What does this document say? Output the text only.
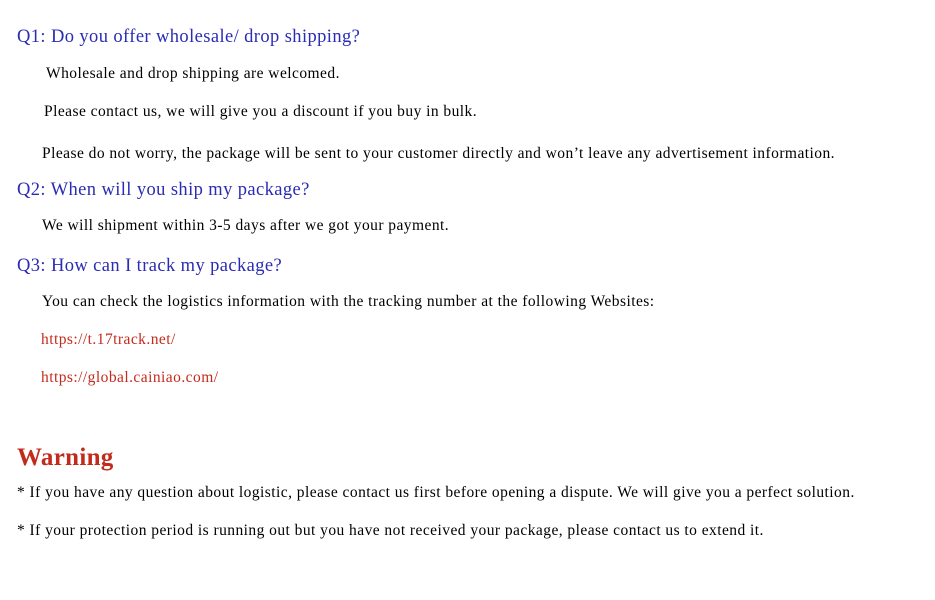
Q1: Do you offer wholesale/ drop shipping?
Wholesale and drop shipping are welcomed.
Please contact us, we will give you a discount if you buy in bulk.
Please do not worry, the package will be sent to your customer directly and won’t leave any advertisement information.
Q2: When will you ship my package?
We will shipment within 3-5 days after we got your payment.
Q3: How can I track my package?
You can check the logistics information with the tracking number at the following Websites:
https://t.17track.net/
https://global.cainiao.com/
Warning
* If you have any question about logistic, please contact us first before opening a dispute. We will give you a perfect solution.
* If your protection period is running out but you have not received your package, please contact us to extend it.
